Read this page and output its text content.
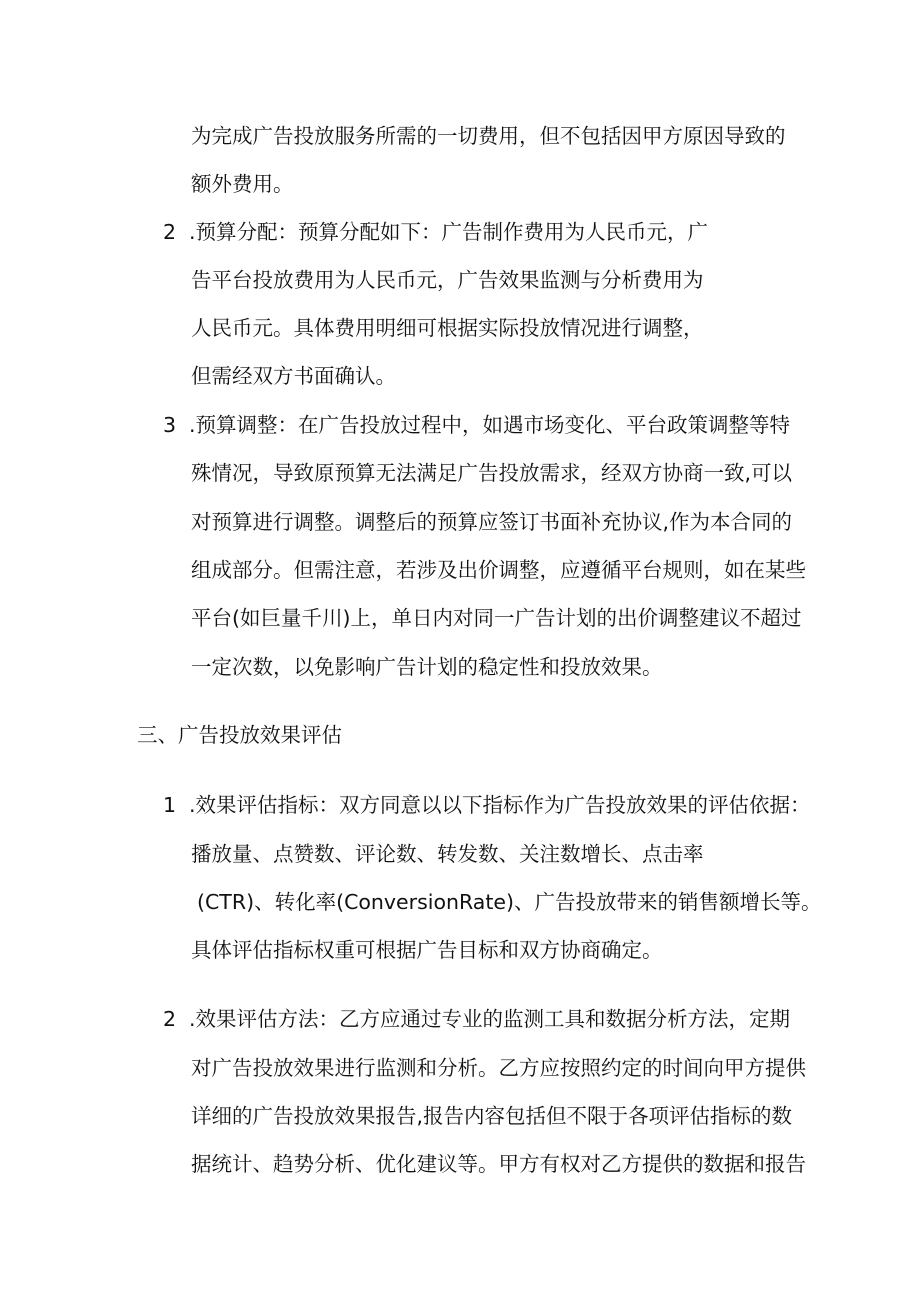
为完成广告投放服务所需的一切费用，但不包括因甲方原因导致的
额外费用。
2 .预算分配：预算分配如下：广告制作费用为人民币元，广
告平台投放费用为人民币元，广告效果监测与分析费用为
人民币元。具体费用明细可根据实际投放情况进行调整，
但需经双方书面确认。
3 .预算调整：在广告投放过程中，如遇市场变化、平台政策调整等特
殊情况，导致原预算无法满足广告投放需求，经双方协商一致,可以
对预算进行调整。调整后的预算应签订书面补充协议,作为本合同的
组成部分。但需注意，若涉及出价调整，应遵循平台规则，如在某些
平台(如巨量千川)上，单日内对同一广告计划的出价调整建议不超过
一定次数，以免影响广告计划的稳定性和投放效果。
三、广告投放效果评估
1 .效果评估指标：双方同意以以下指标作为广告投放效果的评估依据：
播放量、点赞数、评论数、转发数、关注数增长、点击率
(CTR)、转化率(ConversionRate)、广告投放带来的销售额增长等。
具体评估指标权重可根据广告目标和双方协商确定。
2 .效果评估方法：乙方应通过专业的监测工具和数据分析方法，定期
对广告投放效果进行监测和分析。乙方应按照约定的时间向甲方提供
详细的广告投放效果报告,报告内容包括但不限于各项评估指标的数
据统计、趋势分析、优化建议等。甲方有权对乙方提供的数据和报告
